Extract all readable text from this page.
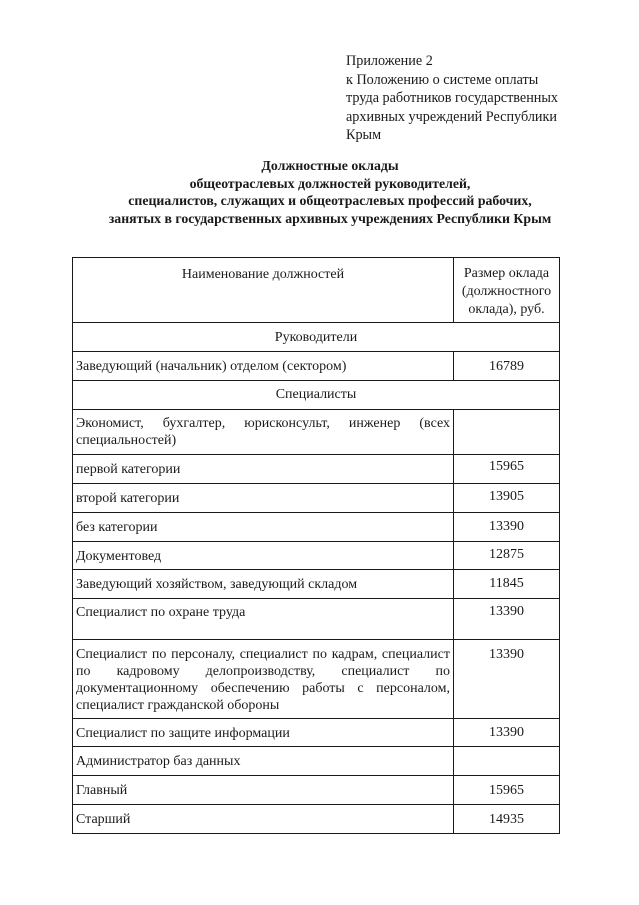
Приложение 2
к Положению о системе оплаты
труда работников государственных
архивных учреждений Республики
Крым
Должностные оклады
общеотраслевых должностей руководителей,
специалистов, служащих и общеотраслевых профессий рабочих,
занятых в государственных архивных учреждениях Республики Крым
Наименование должностей	Размер оклада
(должностного
оклада), руб.

Руководители	
Заведующий (начальник) отделом (сектором)	16789
Специалисты	
Экономист, бухгалтер, юрисконсульт, инженер (всех специальностей)	
первой категории	15965
второй категории	13905
без категории	13390
Документовед	12875
Заведующий хозяйством, заведующий складом	11845
Специалист по охране труда	13390
Специалист по персоналу, специалист по кадрам, специалист по кадровому делопроизводству, специалист по документационному обеспечению работы с персоналом, специалист гражданской обороны	13390
Специалист по защите информации	13390
Администратор баз данных	
Главный	15965
Старший	14935
